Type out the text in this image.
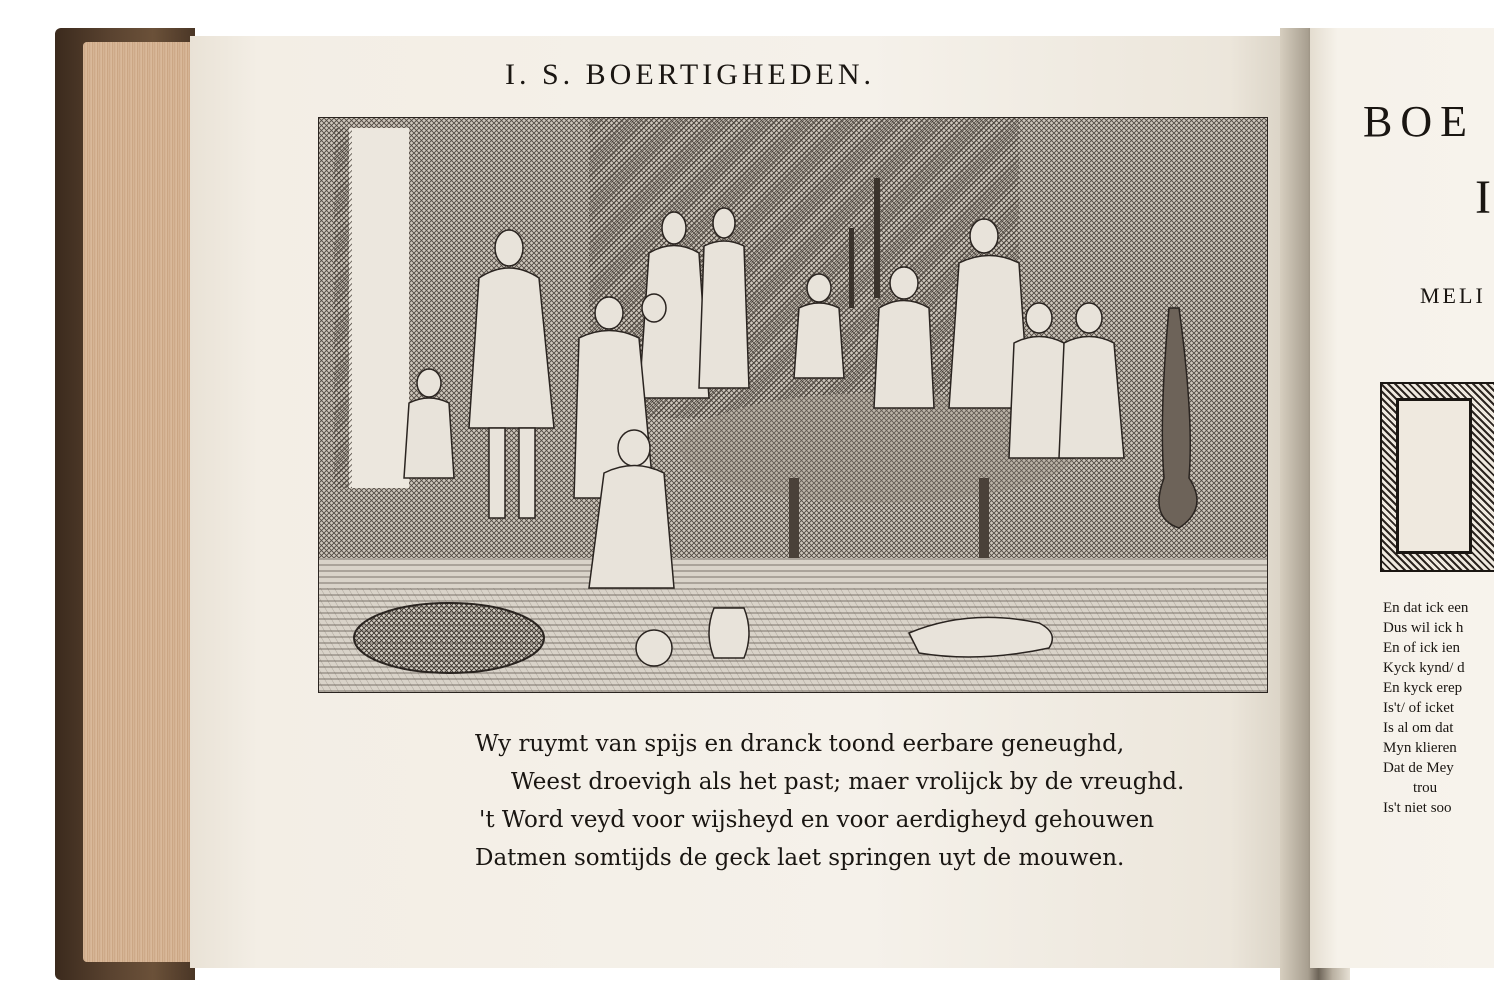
I. S. BOERTIGHEDEN.
Wy ruymt van spijs en dranck toond eerbare geneughd,
Weest droevigh als het past; maer vrolijck by de vreughd.
't Word veyd voor wijsheyd en voor aerdigheyd gehouwen
Datmen somtijds de geck laet springen uyt de mouwen.
BOE
I
MELI
En dat ick een
Dus wil ick h
En of ick ien
Kyck kynd/ d
En kyck erep
Is't/ of icket
Is al om dat
Myn klieren
Dat de Mey
trou
Is't niet soo
